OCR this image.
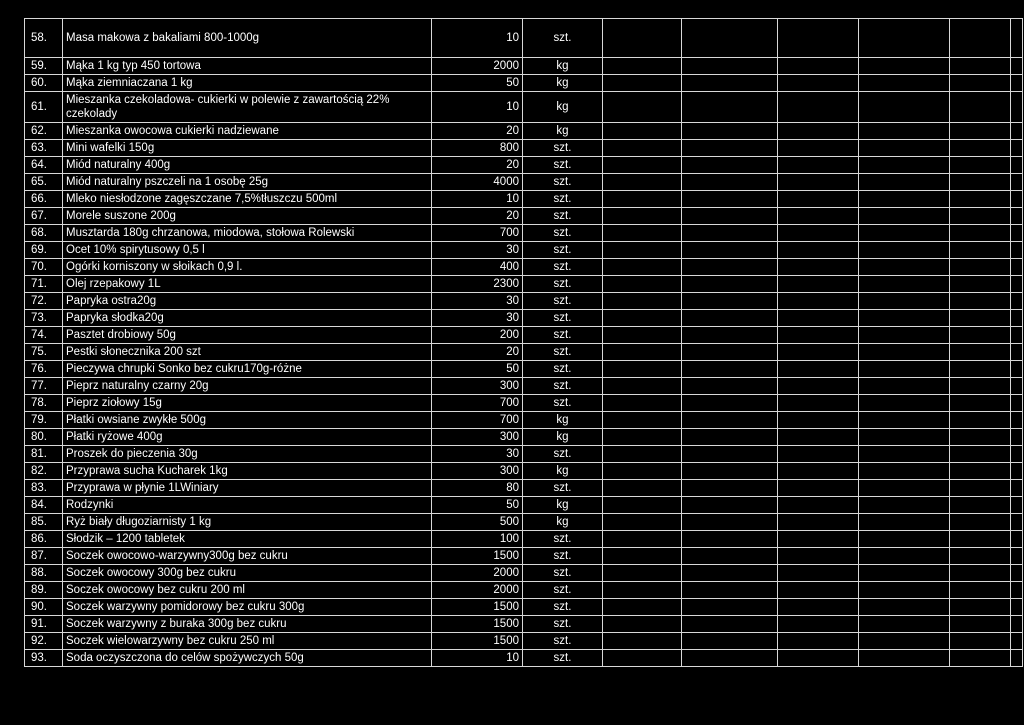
58.	Masa makowa z bakaliami 800-1000g	10	szt.						
59.	Mąka 1 kg typ 450 tortowa	2000	kg						
60.	Mąka ziemniaczana 1 kg	50	kg						
61.	Mieszanka czekoladowa- cukierki w polewie z zawartością 22% czekolady	10	kg						
62.	Mieszanka owocowa cukierki nadziewane	20	kg						
63.	Mini wafelki 150g	800	szt.						
64.	Miód naturalny 400g	20	szt.						
65.	Miód naturalny pszczeli na 1 osobę 25g	4000	szt.						
66.	Mleko niesłodzone zagęszczane 7,5%tłuszczu 500ml	10	szt.						
67.	Morele suszone 200g	20	szt.						
68.	Musztarda 180g chrzanowa, miodowa, stołowa Rolewski	700	szt.						
69.	Ocet 10% spirytusowy 0,5 l	30	szt.						
70.	Ogórki korniszony w słoikach 0,9 l.	400	szt.						
71.	Olej rzepakowy 1L	2300	szt.						
72.	Papryka ostra20g	30	szt.						
73.	Papryka słodka20g	30	szt.						
74.	Pasztet drobiowy 50g	200	szt.						
75.	Pestki słonecznika 200 szt	20	szt.						
76.	Pieczywa chrupki Sonko bez cukru170g-różne	50	szt.						
77.	Pieprz naturalny czarny 20g	300	szt.						
78.	Pieprz ziołowy 15g	700	szt.						
79.	Płatki owsiane zwykłe 500g	700	kg						
80.	Płatki ryżowe 400g	300	kg						
81.	Proszek do pieczenia 30g	30	szt.						
82.	Przyprawa sucha Kucharek 1kg	300	kg						
83.	Przyprawa w płynie 1LWiniary	80	szt.						
84.	Rodzynki	50	kg						
85.	Ryż biały długoziarnisty 1 kg	500	kg						
86.	Słodzik – 1200 tabletek	100	szt.						
87.	Soczek owocowo-warzywny300g bez cukru	1500	szt.						
88.	Soczek owocowy 300g bez cukru	2000	szt.						
89.	Soczek owocowy bez cukru 200 ml	2000	szt.						
90.	Soczek warzywny pomidorowy bez cukru 300g	1500	szt.						
91.	Soczek warzywny z buraka 300g bez cukru	1500	szt.						
92.	Soczek wielowarzywny bez cukru 250 ml	1500	szt.						
93.	Soda oczyszczona do celów spożywczych 50g	10	szt.						
